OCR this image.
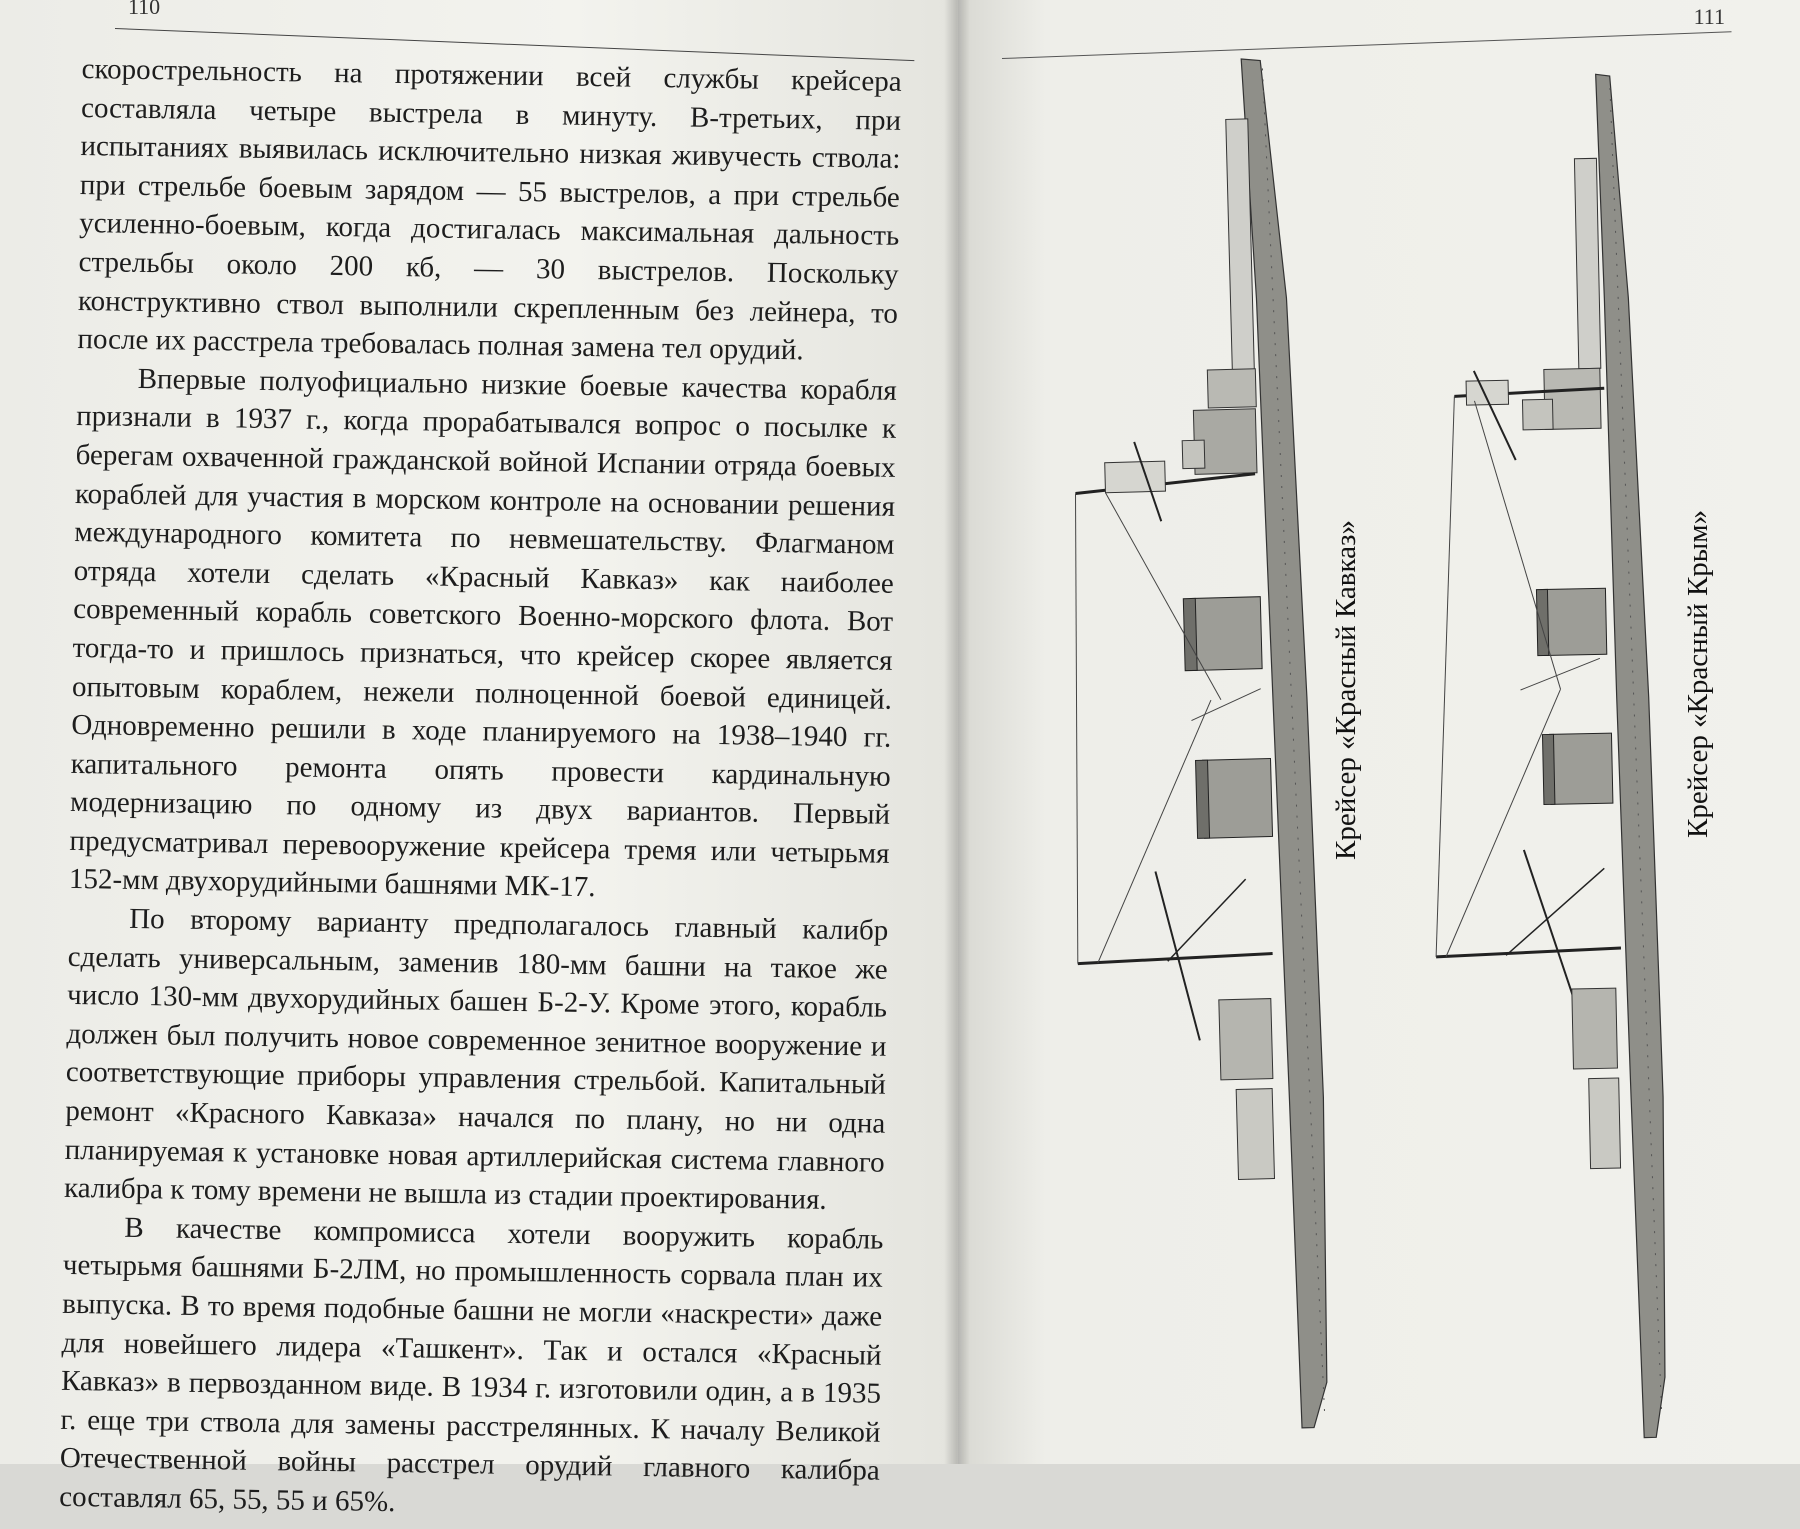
110

скорострельность на протяжении всей службы крейсера составляла четыре выстрела в минуту. В-третьих, при испытаниях выявилась исключительно низкая живучесть ствола: при стрельбе боевым зарядом — 55 выстрелов, а при стрельбе усиленно-боевым, когда достигалась максимальная дальность стрельбы около 200 кб, — 30 выстрелов. Поскольку конструктивно ствол выполнили скрепленным без лейнера, то после их расстрела требовалась полная замена тел орудий.

Впервые полуофициально низкие боевые качества корабля признали в 1937 г., когда прорабатывался вопрос о посылке к берегам охваченной гражданской войной Испании отряда боевых кораблей для участия в морском контроле на основании решения международного комитета по невмешательству. Флагманом отряда хотели сделать «Красный Кавказ» как наиболее современный корабль советского Военно-морского флота. Вот тогда-то и пришлось признаться, что крейсер скорее является опытовым кораблем, нежели полноценной боевой единицей. Одновременно решили в ходе планируемого на 1938–1940 гг. капитального ремонта опять провести кардинальную модернизацию по одному из двух вариантов. Первый предусматривал перевооружение крейсера тремя или четырьмя 152-мм двухорудийными башнями МК-17.

По второму варианту предполагалось главный калибр сделать универсальным, заменив 180-мм башни на такое же число 130-мм двухорудийных башен Б-2-У. Кроме этого, корабль должен был получить новое современное зенитное вооружение и соответствующие приборы управления стрельбой. Капитальный ремонт «Красного Кавказа» начался по плану, но ни одна планируемая к установке новая артиллерийская система главного калибра к тому времени не вышла из стадии проектирования.

В качестве компромисса хотели вооружить корабль четырьмя башнями Б-2ЛМ, но промышленность сорвала план их выпуска. В то время подобные башни не могли «наскрести» даже для новейшего лидера «Ташкент». Так и остался «Красный Кавказ» в первозданном виде. В 1934 г. изготовили один, а в 1935 г. еще три ствола для замены расстрелянных. К началу Великой Отечественной войны расстрел орудий главного калибра составлял 65, 55, 55 и 65%.

111
Крейсер «Красный Кавказ»	Крейсер «Красный Крым»
